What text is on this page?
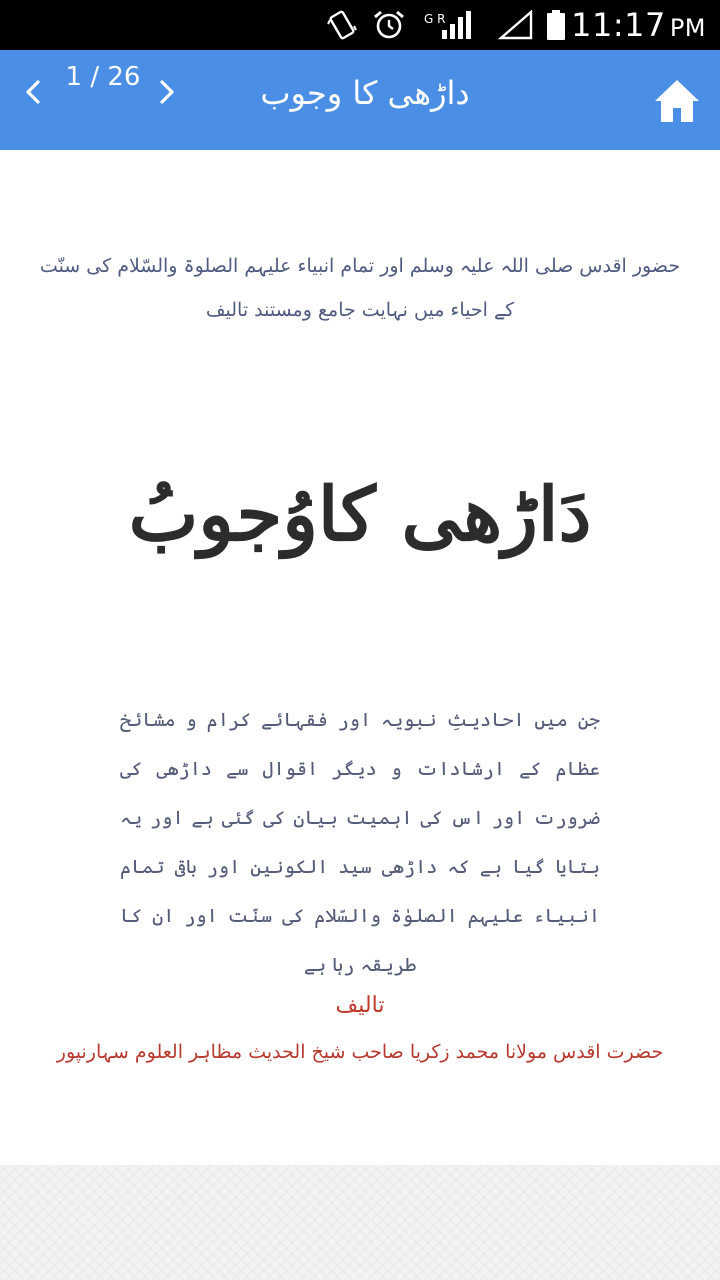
G R	11:17 PM
1 / 26	داڑھی کا وجوب
حضور اقدس صلی اللہ علیہ وسلم اور تمام انبیاء علیہم الصلوۃ والسّلام کی سنّت
کے احیاء میں نہایت جامع ومستند تالیف
دَاڑھی کاوُجوبُ
جن میں احادیثِ نبویہ اور فقہائے کرام و مشائخ عظام کے ارشادات و دیگر اقوال سے داڑھی کی ضرورت اور اس کی اہمیت بیان کی گئی ہے اور یہ بتایا گیا ہے کہ داڑھی سید الکونین اور باقی تمام انبیاء علیہم الصلوٰۃ والسّلام کی سنّت اور ان کا طریقہ رہا ہے
تالیف
حضرت اقدس مولانا محمد زکریا صاحب شیخ الحدیث مظاہر العلوم سہارنپور
